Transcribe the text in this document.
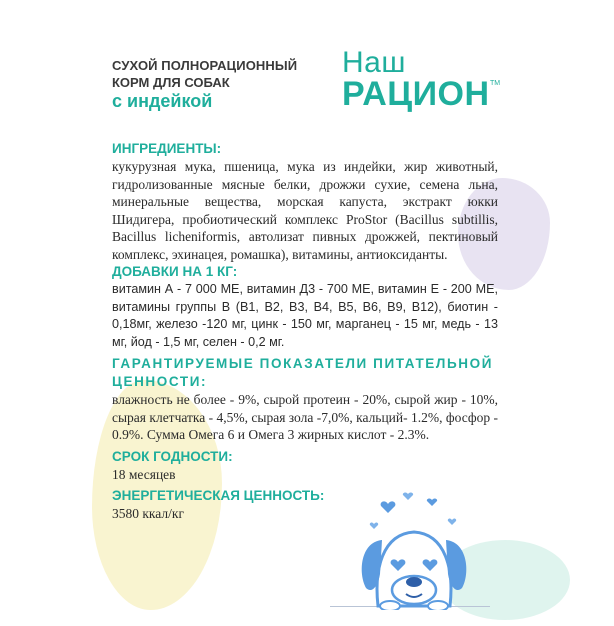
СУХОЙ ПОЛНОРАЦИОННЫЙ
КОРМ ДЛЯ СОБАК
с индейкой
Наш
РАЦИОН TM
ИНГРЕДИЕНТЫ:
кукурузная мука, пшеница, мука из индейки, жир животный, гидролизованные мясные белки, дрожжи сухие, семена льна, минеральные вещества, морская капуста, экстракт юкки Шидигера, пробиотический комплекс ProStor (Bacillus subtillis, Bacillus licheniformis, автолизат пивных дрожжей, пектиновый комплекс, эхинацея, ромашка), витамины, антиоксиданты.
ДОБАВКИ НА 1 КГ:
витамин А - 7 000 МЕ, витамин Д3 - 700 МЕ, витамин Е - 200 МЕ, витамины группы В (В1, В2, В3, В4, В5, В6, В9, В12), биотин - 0,18мг, железо -120 мг, цинк - 150 мг, марганец - 15 мг, медь - 13 мг, йод - 1,5 мг, селен - 0,2 мг.
ГАРАНТИРУЕМЫЕ ПОКАЗАТЕЛИ ПИТАТЕЛЬНОЙ ЦЕННОСТИ:
влажность не более - 9%, сырой протеин - 20%, сырой жир - 10%, сырая клетчатка - 4,5%, сырая зола -7,0%, кальций- 1.2%, фосфор - 0.9%. Сумма Омега 6 и Омега 3 жирных кислот - 2.3%.
СРОК ГОДНОСТИ:
18 месяцев
ЭНЕРГЕТИЧЕСКАЯ ЦЕННОСТЬ:
3580 ккал/кг
